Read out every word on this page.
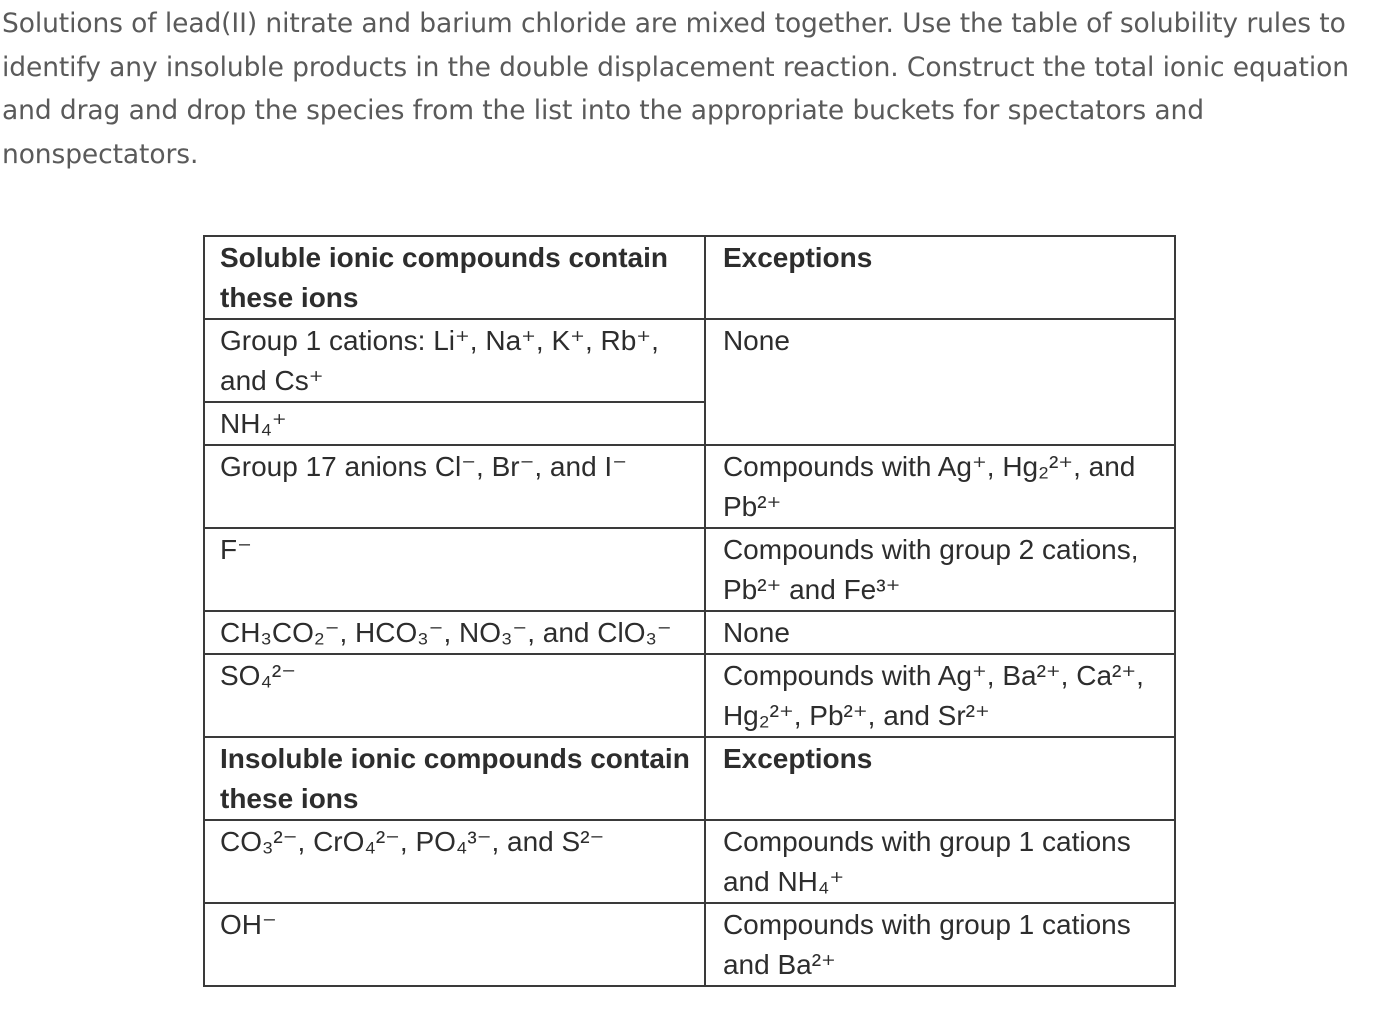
Solutions of lead(II) nitrate and barium chloride are mixed together. Use the table of solubility rules to identify any insoluble products in the double displacement reaction. Construct the total ionic equation and drag and drop the species from the list into the appropriate buckets for spectators and nonspectators.
Soluble ionic compounds contain these ions	Exceptions
Group 1 cations: Li⁺, Na⁺, K⁺, Rb⁺, and Cs⁺	None
NH₄⁺	
Group 17 anions Cl⁻, Br⁻, and I⁻	Compounds with Ag⁺, Hg₂²⁺, and Pb²⁺
F⁻	Compounds with group 2 cations, Pb²⁺ and Fe³⁺
CH₃CO₂⁻, HCO₃⁻, NO₃⁻, and ClO₃⁻	None
SO₄²⁻	Compounds with Ag⁺, Ba²⁺, Ca²⁺, Hg₂²⁺, Pb²⁺, and Sr²⁺
Insoluble ionic compounds contain these ions	Exceptions
CO₃²⁻, CrO₄²⁻, PO₄³⁻, and S²⁻	Compounds with group 1 cations and NH₄⁺
OH⁻	Compounds with group 1 cations and Ba²⁺
